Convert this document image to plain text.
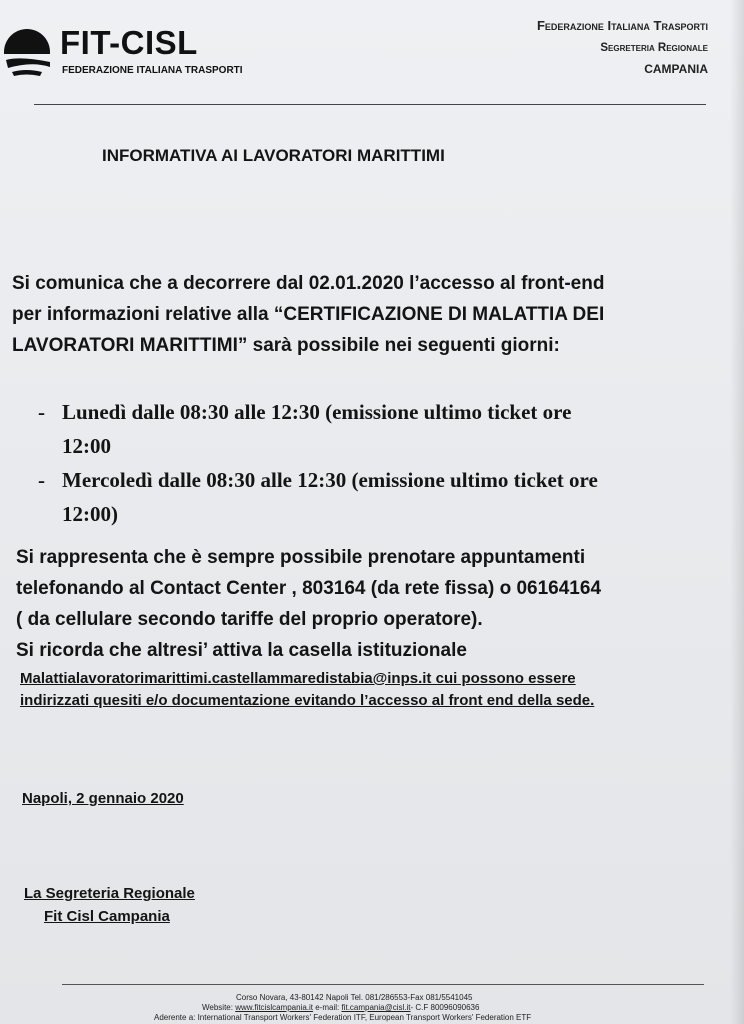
FIT-CISL
FEDERAZIONE ITALIANA TRASPORTI
Federazione Italiana Trasporti
Segreteria Regionale
CAMPANIA
INFORMATIVA AI LAVORATORI MARITTIMI
Si comunica che a decorrere dal 02.01.2020 l’accesso al front-end
per informazioni relative alla “CERTIFICAZIONE DI MALATTIA DEI
LAVORATORI MARITTIMI” sarà possibile nei seguenti giorni:
- Lunedì dalle 08:30 alle 12:30 (emissione ultimo ticket ore
12:00
- Mercoledì dalle 08:30 alle 12:30 (emissione ultimo ticket ore
12:00)
Si rappresenta che è sempre possibile prenotare appuntamenti
telefonando al Contact Center , 803164 (da rete fissa) o 06164164
( da cellulare secondo tariffe del proprio operatore).
Si ricorda che altresi’ attiva la casella istituzionale
Malattialavoratorimarittimi.castellammaredistabia@inps.it cui possono essere
indirizzati quesiti e/o documentazione evitando l’accesso al front end della sede.
Napoli, 2 gennaio 2020
La Segreteria Regionale
Fit Cisl Campania
Corso Novara, 43-80142 Napoli Tel. 081/286553-Fax 081/5541045
Website: www.fitcislcampania.it e-mail: fit.campania@cisl.it- C.F 80096090636
Aderente a: International Transport Workers' Federation ITF, European Transport Workers' Federation ETF
